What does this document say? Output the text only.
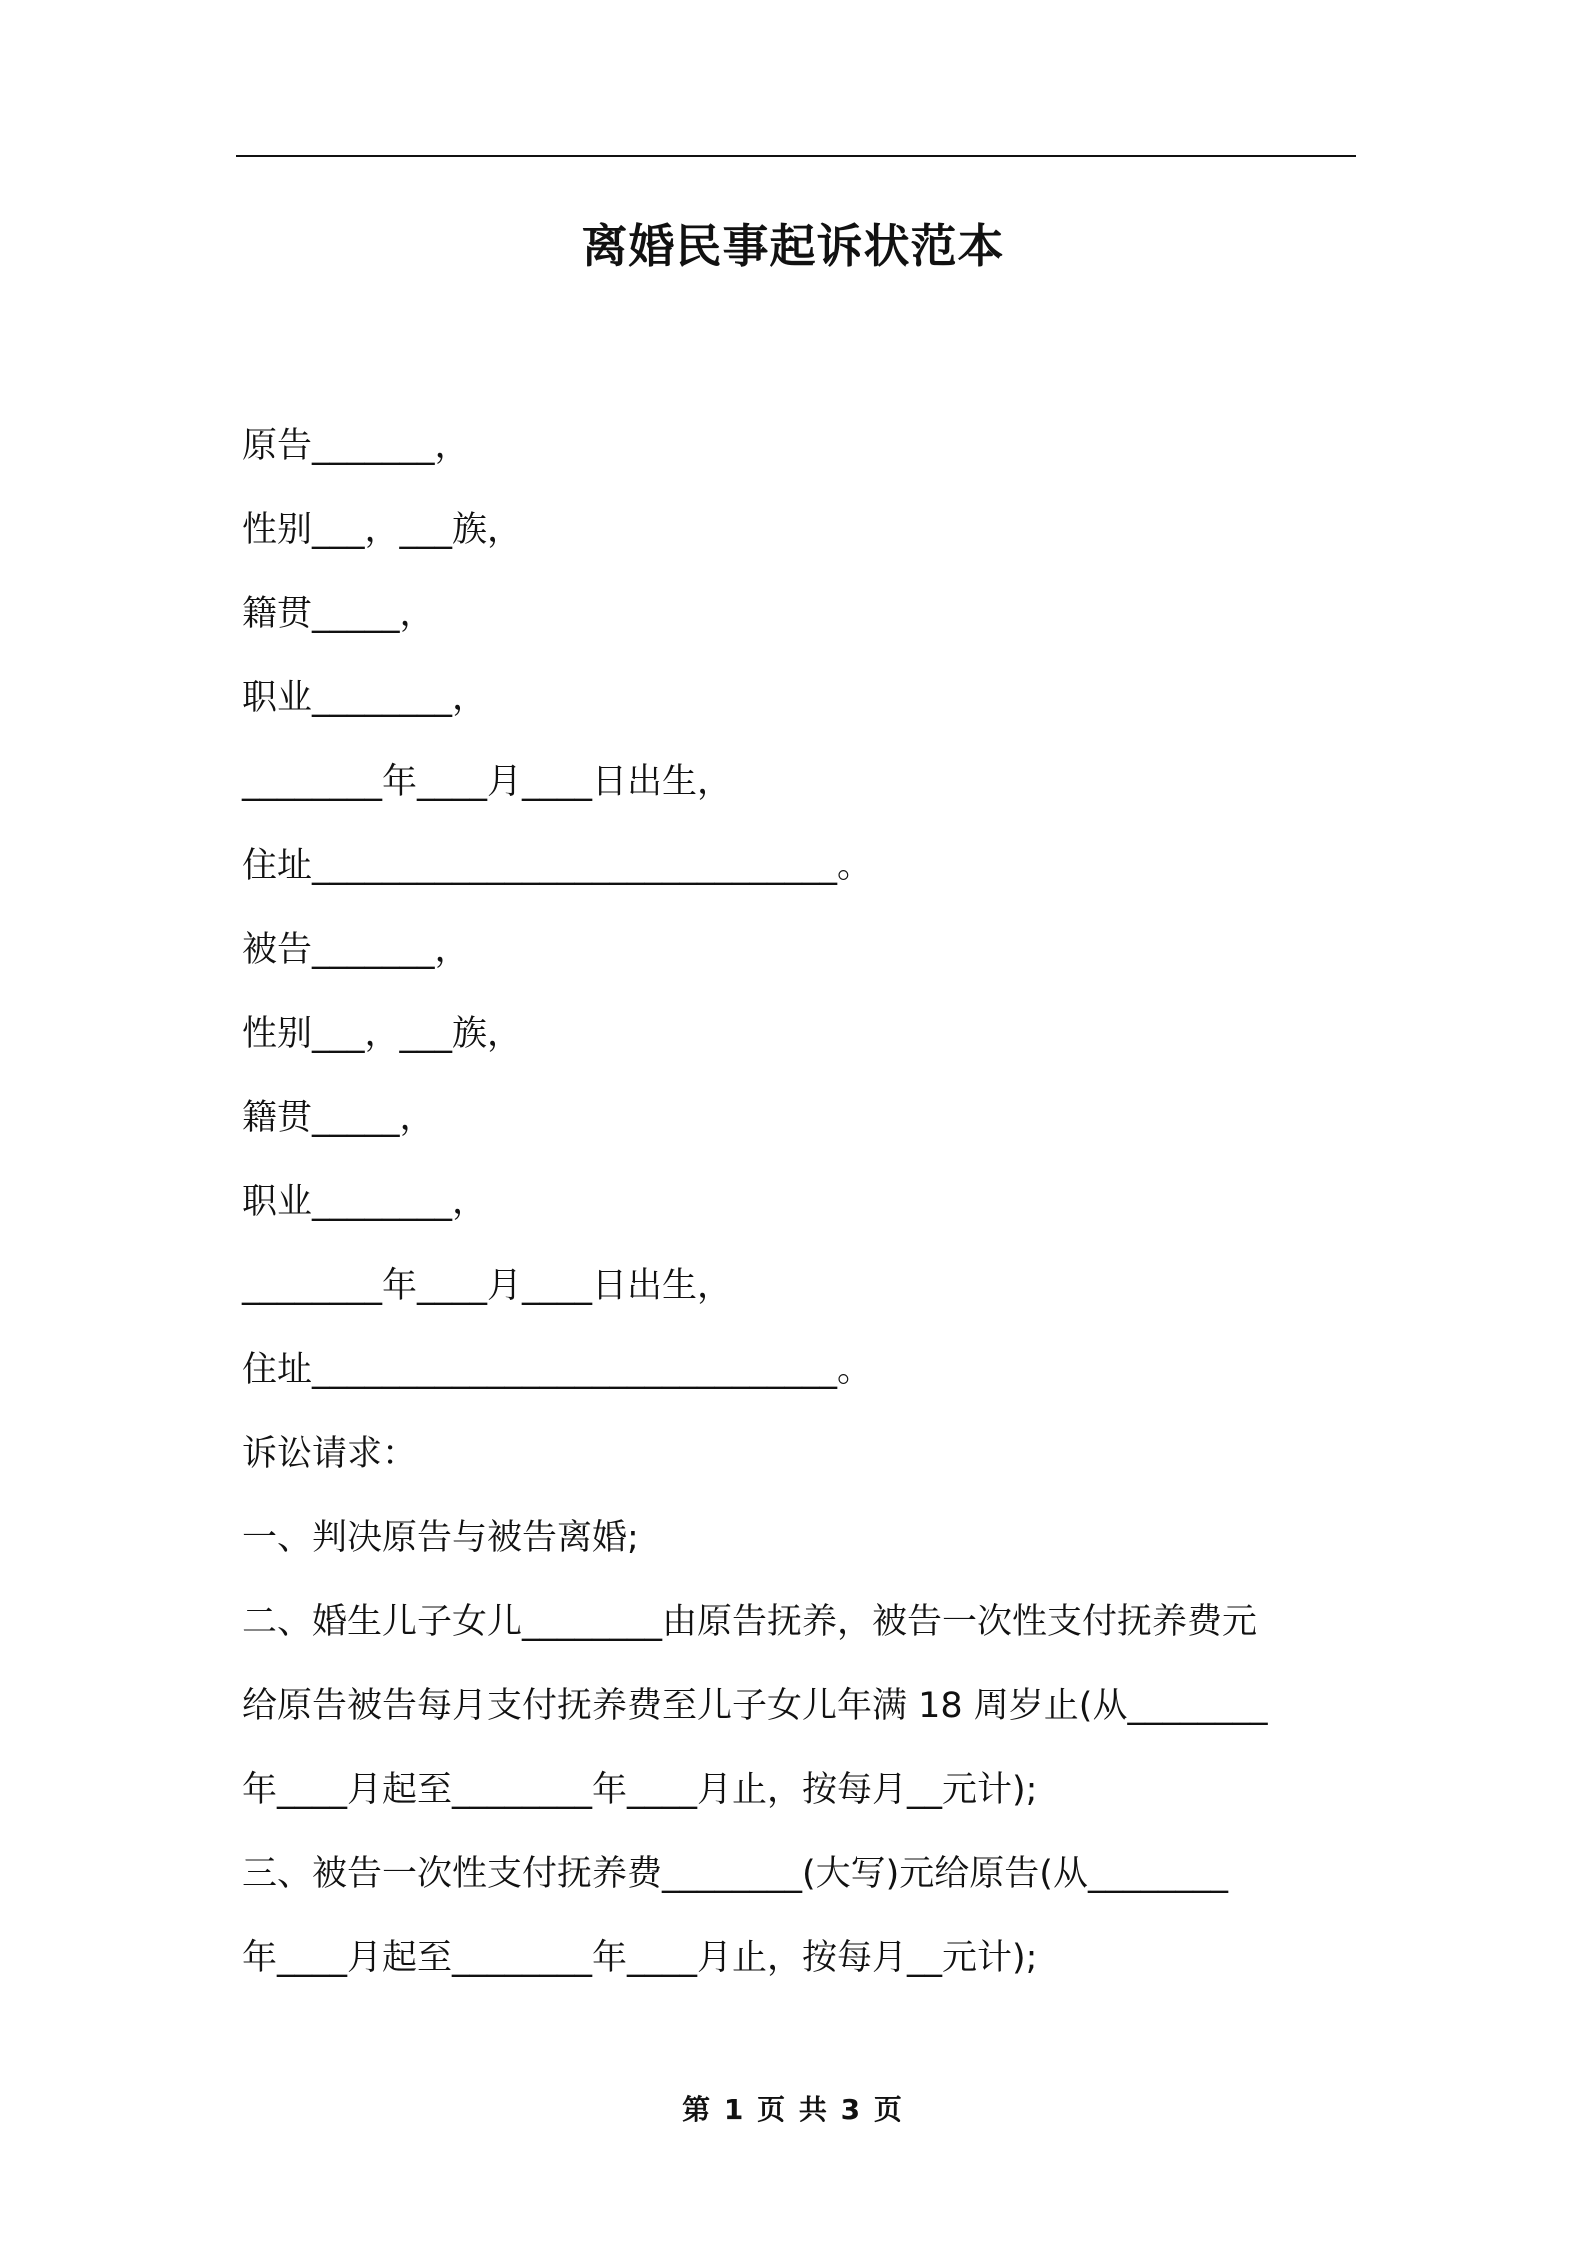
离婚民事起诉状范本
原告_______，
性别___，___族，
籍贯_____，
职业________，
________年____月____日出生，
住址______________________________。
被告_______，
性别___，___族，
籍贯_____，
职业________，
________年____月____日出生，
住址______________________________。
诉讼请求：
一、判决原告与被告离婚;
二、婚生儿子女儿________由原告抚养，被告一次性支付抚养费元
给原告被告每月支付抚养费至儿子女儿年满 18 周岁止(从________
年____月起至________年____月止，按每月__元计);
三、被告一次性支付抚养费________(大写)元给原告(从________
年____月起至________年____月止，按每月__元计);
第 1 页 共 3 页
